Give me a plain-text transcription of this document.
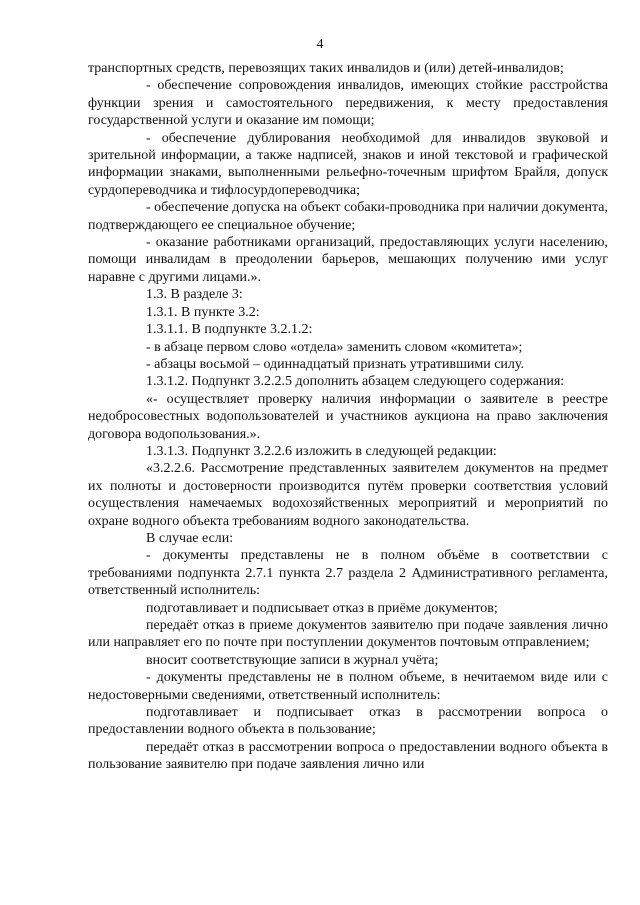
4

транспортных средств, перевозящих таких инвалидов и (или) детей-инвалидов;

- обеспечение сопровождения инвалидов, имеющих стойкие расстройства функции зрения и самостоятельного передвижения, к месту предоставления государственной услуги и оказание им помощи;

- обеспечение дублирования необходимой для инвалидов звуковой и зрительной информации, а также надписей, знаков и иной текстовой и графической информации знаками, выполненными рельефно-точечным шрифтом Брайля, допуск сурдопереводчика и тифлосурдопереводчика;

- обеспечение допуска на объект собаки-проводника при наличии документа, подтверждающего ее специальное обучение;

- оказание работниками организаций, предоставляющих услуги населению, помощи инвалидам в преодолении барьеров, мешающих получению ими услуг наравне с другими лицами.».

1.3. В разделе 3:

1.3.1. В пункте 3.2:

1.3.1.1. В подпункте 3.2.1.2:

- в абзаце первом слово «отдела» заменить словом «комитета»;

- абзацы восьмой – одиннадцатый признать утратившими силу.

1.3.1.2. Подпункт 3.2.2.5 дополнить абзацем следующего содержания:

«- осуществляет проверку наличия информации о заявителе в реестре недобросовестных водопользователей и участников аукциона на право заключения договора водопользования.».

1.3.1.3. Подпункт 3.2.2.6 изложить в следующей редакции:

«3.2.2.6. Рассмотрение представленных заявителем документов на предмет их полноты и достоверности производится путём проверки соответствия условий осуществления намечаемых водохозяйственных мероприятий и мероприятий по охране водного объекта требованиям водного законодательства.

В случае если:

- документы представлены не в полном объёме в соответствии с требованиями подпункта 2.7.1 пункта 2.7 раздела 2 Административного регламента, ответственный исполнитель:

подготавливает и подписывает отказ в приёме документов;

передаёт отказ в приеме документов заявителю при подаче заявления лично или направляет его по почте при поступлении документов почтовым отправлением;

вносит соответствующие записи в журнал учёта;

- документы представлены не в полном объеме, в нечитаемом виде или с недостоверными сведениями, ответственный исполнитель:

подготавливает и подписывает отказ в рассмотрении вопроса о предоставлении водного объекта в пользование;

передаёт отказ в рассмотрении вопроса о предоставлении водного объекта в пользование заявителю при подаче заявления лично или
